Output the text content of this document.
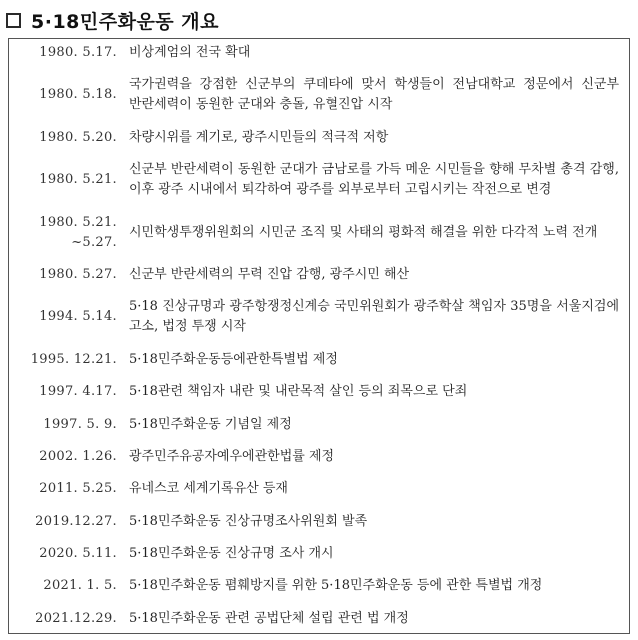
5·18민주화운동 개요
1980. 5.17. 비상계엄의 전국 확대
1980. 5.18.
국가권력을 강점한 신군부의 쿠데타에 맞서 학생들이 전남대학교 정문에서 신군부 반란세력이 동원한 군대와 충돌, 유혈진압 시작
1980. 5.20. 차량시위를 계기로, 광주시민들의 적극적 저항
1980. 5.21.
신군부 반란세력이 동원한 군대가 금남로를 가득 메운 시민들을 향해 무차별 총격 감행, 이후 광주 시내에서 퇴각하여 광주를 외부로부터 고립시키는 작전으로 변경
1980. 5.21.
~5.27.
시민학생투쟁위원회의 시민군 조직 및 사태의 평화적 해결을 위한 다각적 노력 전개
1980. 5.27. 신군부 반란세력의 무력 진압 감행, 광주시민 해산
1994. 5.14.
5·18 진상규명과 광주항쟁정신계승 국민위원회가 광주학살 책임자 35명을 서울지검에 고소, 법정 투쟁 시작
1995. 12.21. 5·18민주화운동등에관한특별법 제정
1997. 4.17. 5·18관련 책임자 내란 및 내란목적 살인 등의 죄목으로 단죄
1997. 5. 9. 5·18민주화운동 기념일 제정
2002. 1.26. 광주민주유공자예우에관한법률 제정
2011. 5.25. 유네스코 세계기록유산 등재
2019.12.27. 5·18민주화운동 진상규명조사위원회 발족
2020. 5.11. 5·18민주화운동 진상규명 조사 개시
2021. 1. 5. 5·18민주화운동 폄훼방지를 위한 5·18민주화운동 등에 관한 특별법 개정
2021.12.29. 5·18민주화운동 관련 공법단체 설립 관련 법 개정
